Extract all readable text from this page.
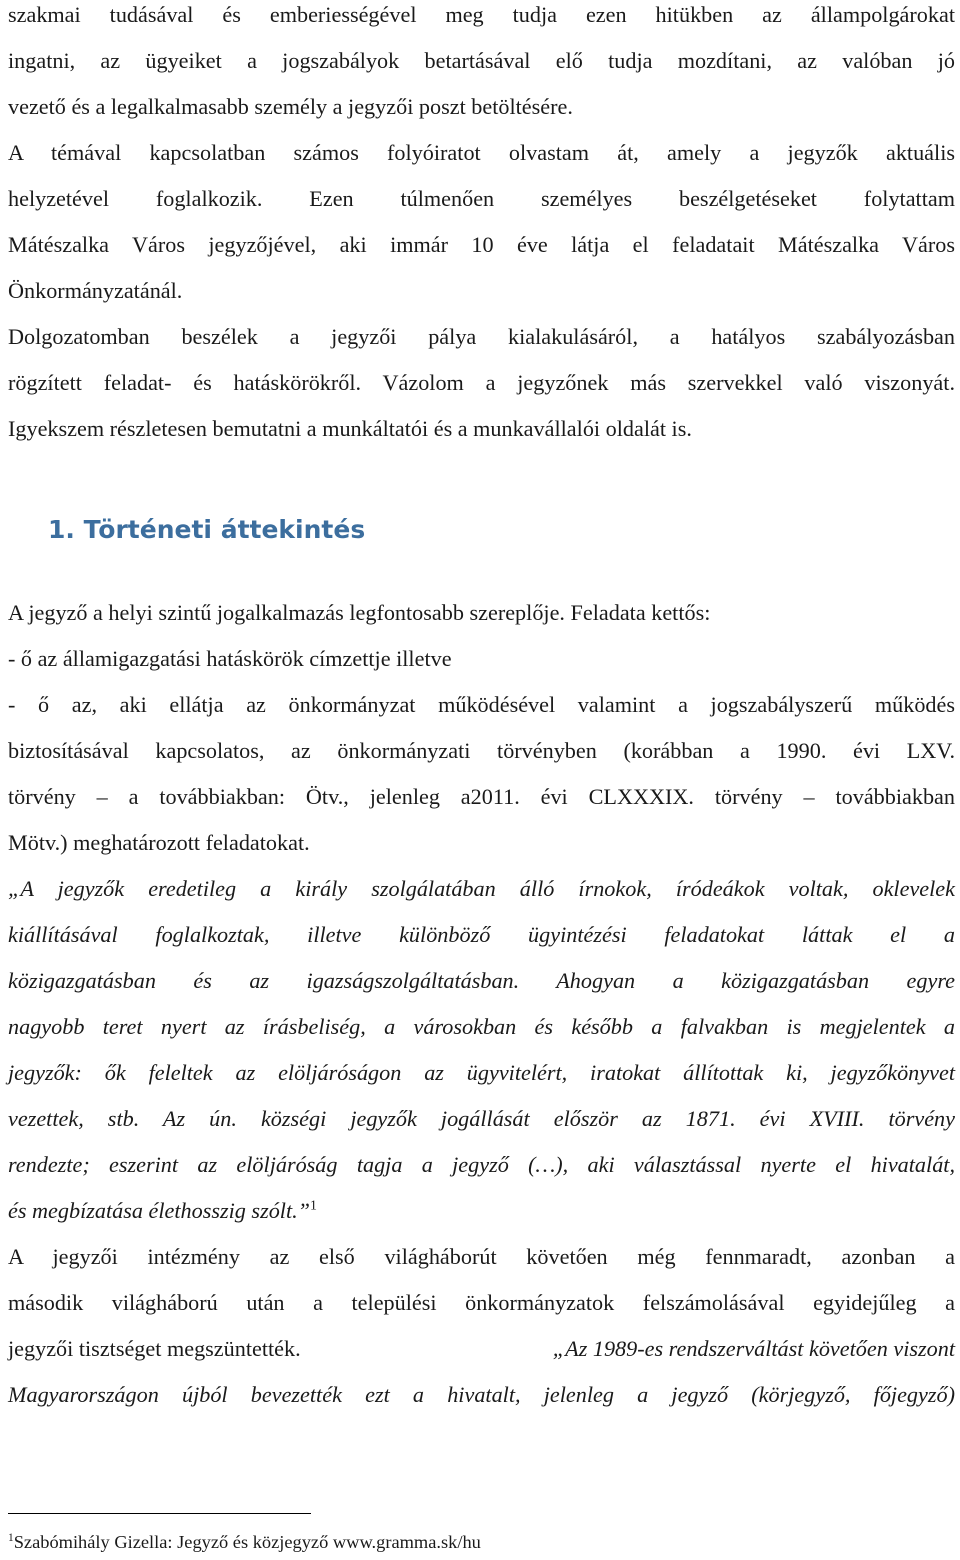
szakmai tudásával és emberiességével meg tudja ezen hitükben az állampolgárokat
ingatni, az ügyeiket a jogszabályok betartásával elő tudja mozdítani, az valóban jó
vezető és a legalkalmasabb személy a jegyzői poszt betöltésére.
A témával kapcsolatban számos folyóiratot olvastam át, amely a jegyzők aktuális
helyzetével foglalkozik. Ezen túlmenően személyes beszélgetéseket folytattam
Mátészalka Város jegyzőjével, aki immár 10 éve látja el feladatait Mátészalka Város
Önkormányzatánál.
Dolgozatomban beszélek a jegyzői pálya kialakulásáról, a hatályos szabályozásban
rögzített feladat- és hatáskörökről. Vázolom a jegyzőnek más szervekkel való viszonyát.
Igyekszem részletesen bemutatni a munkáltatói és a munkavállalói oldalát is.
1. Történeti áttekintés
A jegyző a helyi szintű jogalkalmazás legfontosabb szereplője. Feladata kettős:
- ő az államigazgatási hatáskörök címzettje illetve
- ő az, aki ellátja az önkormányzat működésével valamint a jogszabályszerű működés
biztosításával kapcsolatos, az önkormányzati törvényben (korábban a 1990. évi LXV.
törvény – a továbbiakban: Ötv., jelenleg a2011. évi CLXXXIX. törvény – továbbiakban
Mötv.) meghatározott feladatokat.
„A jegyzők eredetileg a király szolgálatában álló írnokok, íródeákok voltak, oklevelek
kiállításával foglalkoztak, illetve különböző ügyintézési feladatokat láttak el a
közigazgatásban és az igazságszolgáltatásban. Ahogyan a közigazgatásban egyre
nagyobb teret nyert az írásbeliség, a városokban és később a falvakban is megjelentek a
jegyzők: ők feleltek az elöljáróságon az ügyvitelért, iratokat állítottak ki, jegyzőkönyvet
vezettek, stb. Az ún. községi jegyzők jogállását először az 1871. évi XVIII. törvény
rendezte; eszerint az elöljáróság tagja a jegyző (…), aki választással nyerte el hivatalát,
és megbízatása élethosszig szólt.”$^1$
A jegyzői intézmény az első világháborút követően még fennmaradt, azonban a
második világháború után a települési önkormányzatok felszámolásával egyidejűleg a
jegyzői tisztséget megszüntették.	„Az 1989-es rendszerváltást követően viszont
Magyarországon újból bevezették ezt a hivatalt, jelenleg a jegyző (körjegyző, főjegyző)
$^1$Szabómihály Gizella: Jegyző és közjegyző www.gramma.sk/hu
